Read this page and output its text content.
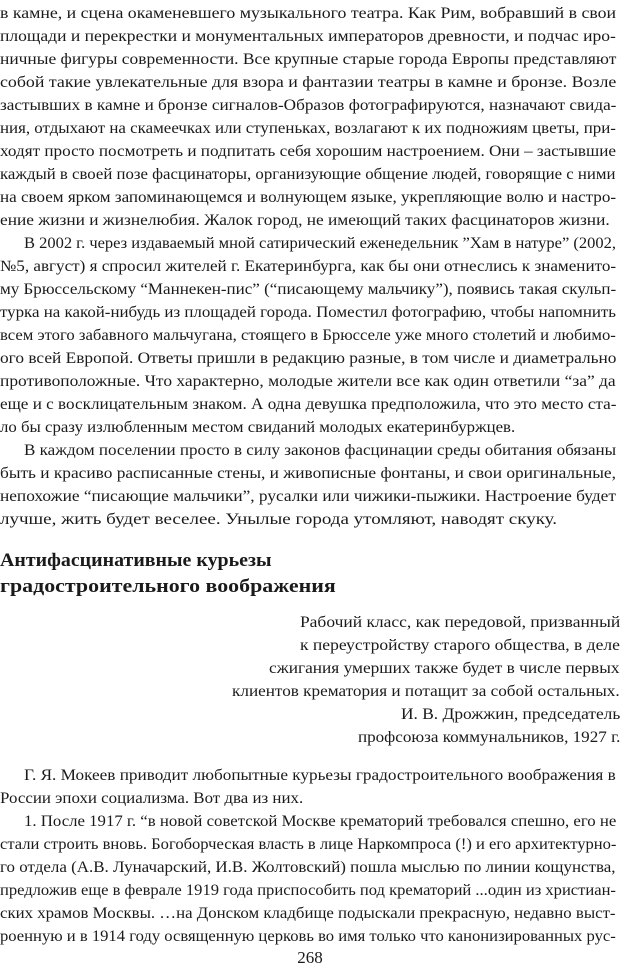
в камне, и сцена окаменевшего музыкального театра. Как Рим, вобравший в свои
площади и перекрестки и монументальных императоров древности, и подчас иро-
ничные фигуры современности. Все крупные старые города Европы представляют
собой такие увлекательные для взора и фантазии театры в камне и бронзе. Возле
застывших в камне и бронзе сигналов-Образов фотографируются, назначают свида-
ния, отдыхают на скамеечках или ступеньках, возлагают к их подножиям цветы, при-
ходят просто посмотреть и подпитать себя хорошим настроением. Они – застывшие
каждый в своей позе фасцинаторы, организующие общение людей, говорящие с ними
на своем ярком запоминающемся и волнующем языке, укрепляющие волю и настро-
ение жизни и жизнелюбия. Жалок город, не имеющий таких фасцинаторов жизни.
В 2002 г. через издаваемый мной сатирический еженедельник ”Хам в натуре” (2002,
№5, август) я спросил жителей г. Екатеринбурга, как бы они отнеслись к знаменито-
му Брюссельскому “Маннекен-пис” (“писающему мальчику”), появись такая скульп-
турка на какой-нибудь из площадей города. Поместил фотографию, чтобы напомнить
всем этого забавного мальчугана, стоящего в Брюсселе уже много столетий и любимо-
ого всей Европой. Ответы пришли в редакцию разные, в том числе и диаметрально
противоположные. Что характерно, молодые жители все как один ответили “за” да
еще и с восклицательным знаком. А одна девушка предположила, что это место ста-
ло бы сразу излюбленным местом свиданий молодых екатеринбуржцев.
В каждом поселении просто в силу законов фасцинации среды обитания обязаны
быть и красиво расписанные стены, и живописные фонтаны, и свои оригинальные,
непохожие “писающие мальчики”, русалки или чижики-пыжики. Настроение будет
лучше, жить будет веселее. Унылые города утомляют, наводят скуку.
Антифасцинативные курьезы
градостроительного воображения
Рабочий класс, как передовой, призванный
к переустройству старого общества, в деле
сжигания умерших также будет в числе первых
клиентов крематория и потащит за собой остальных.
И. В. Дрожжин, председатель
профсоюза коммунальников, 1927 г.
Г. Я. Мокеев приводит любопытные курьезы градостроительного воображения в
России эпохи социализма. Вот два из них.
1. После 1917 г. “в новой советской Москве крематорий требовался спешно, его не
стали строить вновь. Богоборческая власть в лице Наркомпроса (!) и его архитектурно-
го отдела (А.В. Луначарский, И.В. Жолтовский) пошла мыслью по линии кощунства,
предложив еще в феврале 1919 года приспособить под крематорий ...один из христиан-
ских храмов Москвы. …на Донском кладбище подыскали прекрасную, недавно выст-
роенную и в 1914 году освященную церковь во имя только что канонизированных рус-
268
